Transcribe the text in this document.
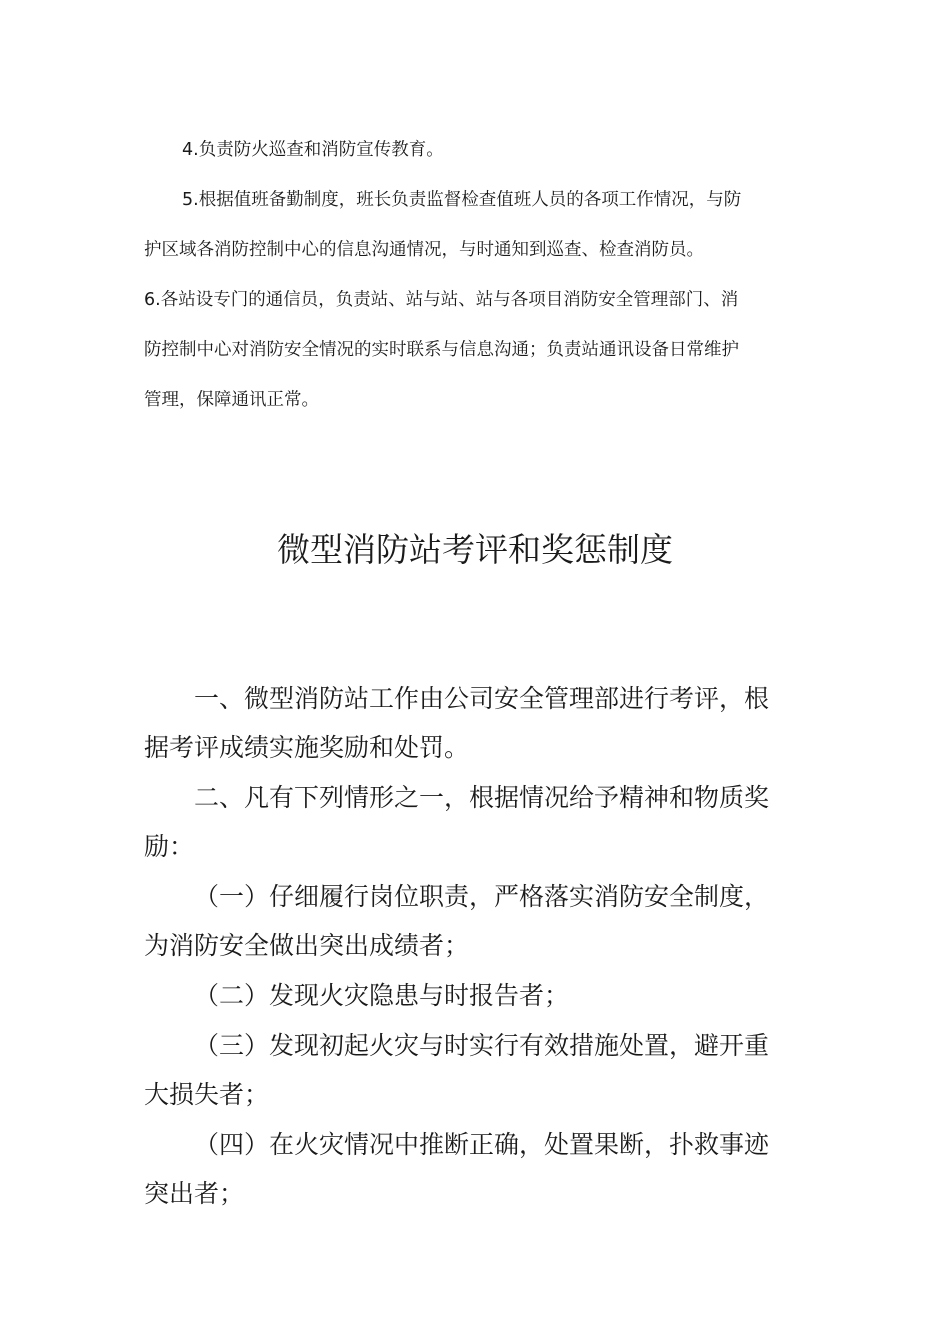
4.负责防火巡查和消防宣传教育。

5.根据值班备勤制度，班长负责监督检查值班人员的各项工作情况，与防

护区域各消防控制中心的信息沟通情况，与时通知到巡查、检查消防员。

6.各站设专门的通信员，负责站、站与站、站与各项目消防安全管理部门、消

防控制中心对消防安全情况的实时联系与信息沟通；负责站通讯设备日常维护

管理，保障通讯正常。

微型消防站考评和奖惩制度

一、微型消防站工作由公司安全管理部进行考评，根

据考评成绩实施奖励和处罚。

二、凡有下列情形之一，根据情况给予精神和物质奖

励：

（一）仔细履行岗位职责，严格落实消防安全制度，

为消防安全做出突出成绩者；

（二）发现火灾隐患与时报告者；

（三）发现初起火灾与时实行有效措施处置，避开重

大损失者；

（四）在火灾情况中推断正确，处置果断，扑救事迹

突出者；
